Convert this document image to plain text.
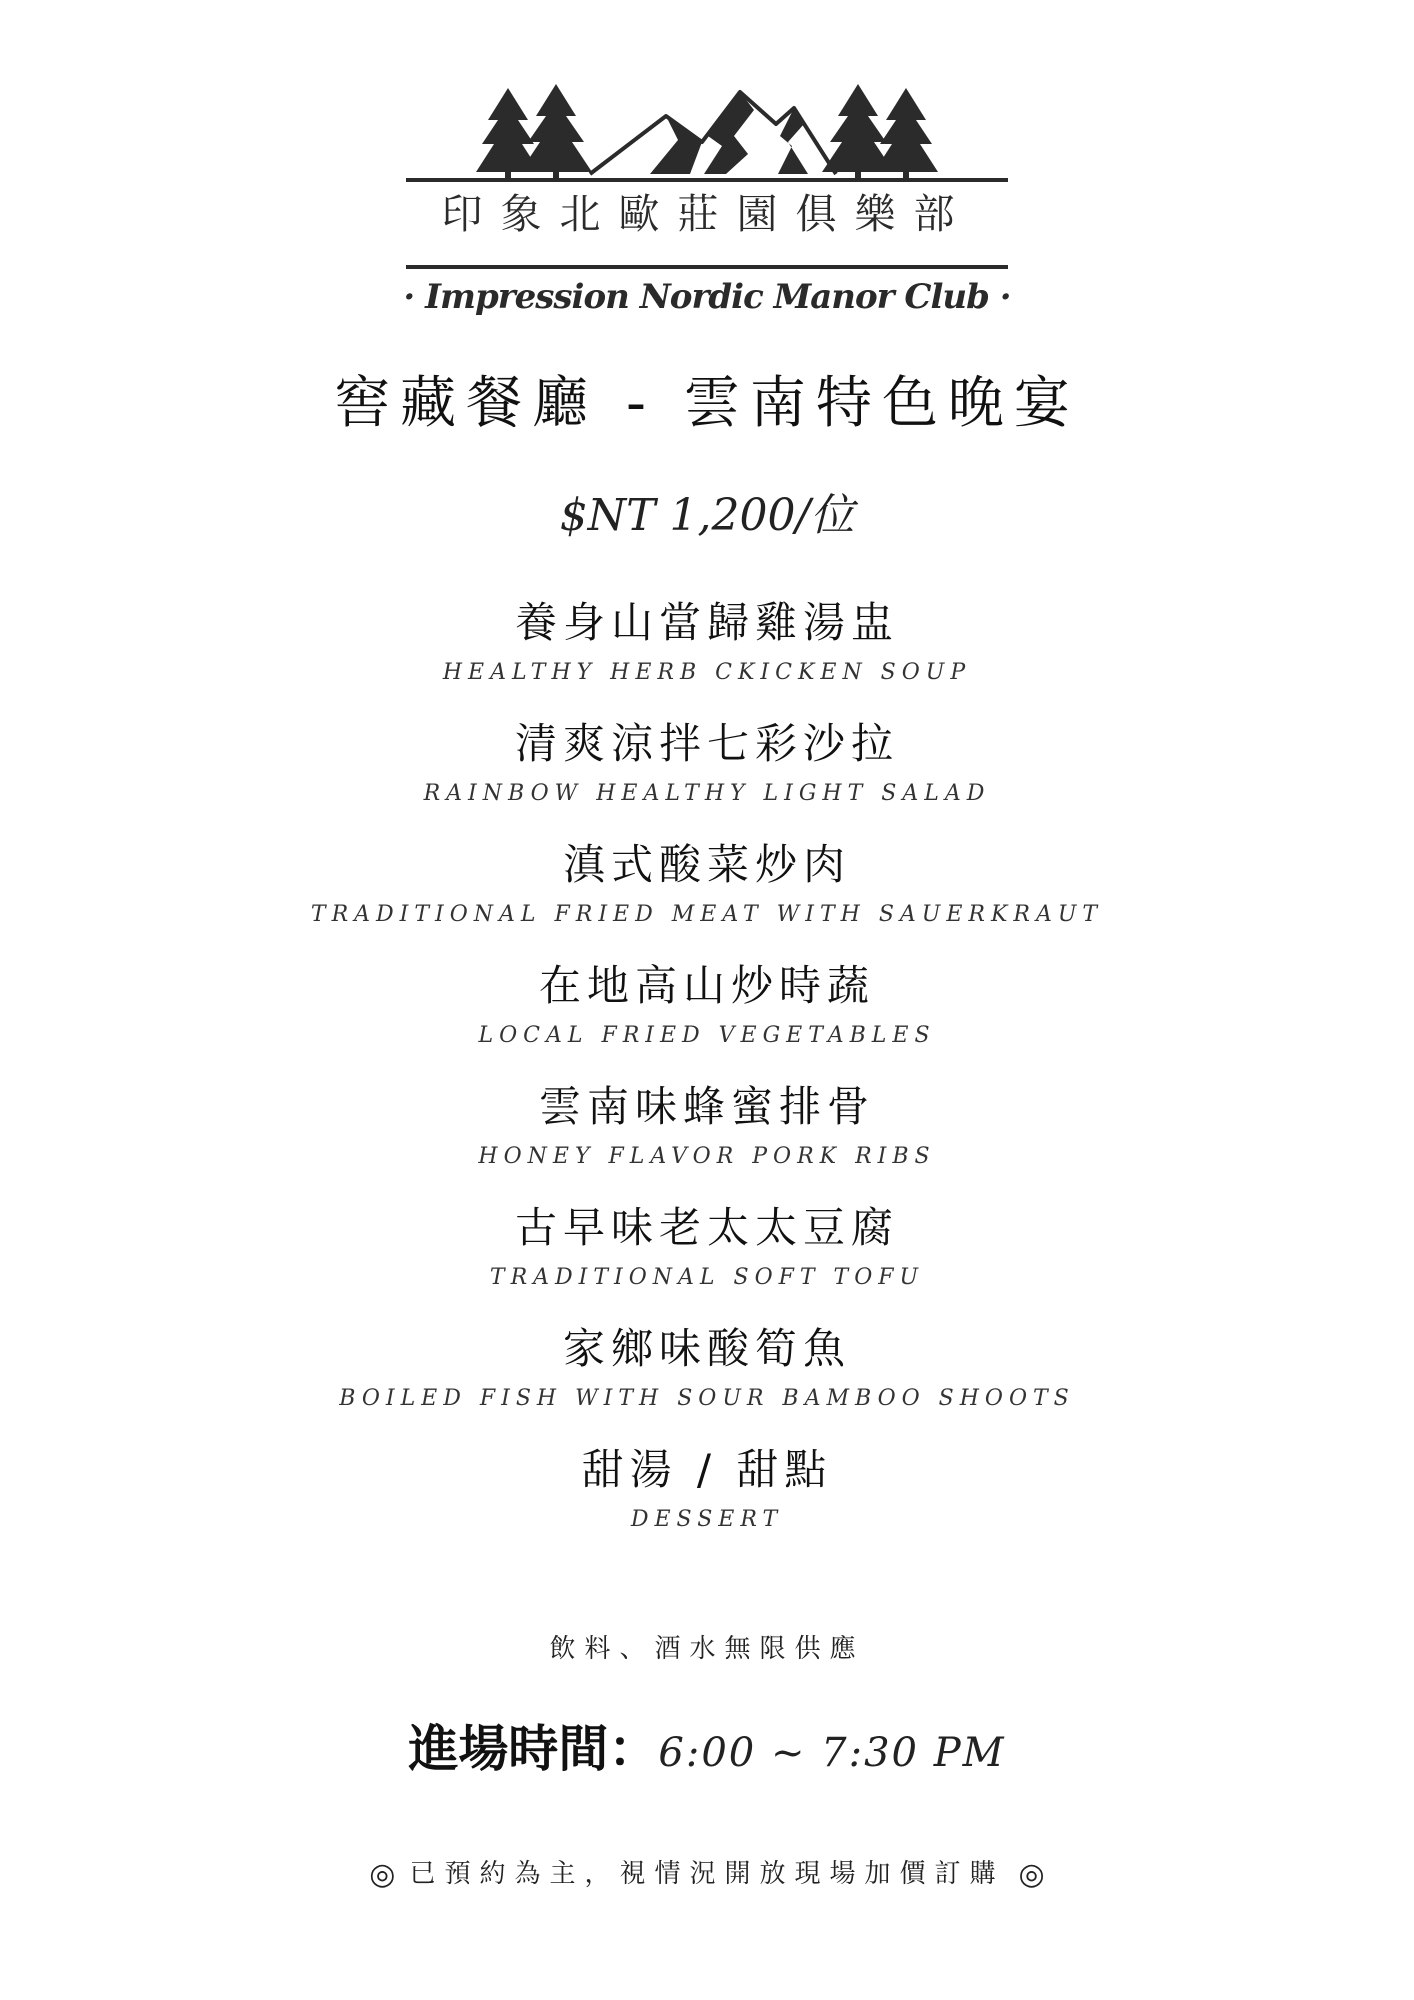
印象北歐莊園俱樂部
· Impression Nordic Manor Club ·
窖藏餐廳 - 雲南特色晚宴
$NT 1,200/位
養身山當歸雞湯盅
HEALTHY HERB CKICKEN SOUP
清爽涼拌七彩沙拉
RAINBOW HEALTHY LIGHT SALAD
滇式酸菜炒肉
TRADITIONAL FRIED MEAT WITH SAUERKRAUT
在地高山炒時蔬
LOCAL FRIED VEGETABLES
雲南味蜂蜜排骨
HONEY FLAVOR PORK RIBS
古早味老太太豆腐
TRADITIONAL SOFT TOFU
家鄉味酸筍魚
BOILED FISH WITH SOUR BAMBOO SHOOTS
甜湯 / 甜點
DESSERT
飲料、酒水無限供應
進場時間：6:00 ~ 7:30 PM
◎ 已預約為主，視情況開放現場加價訂購 ◎
